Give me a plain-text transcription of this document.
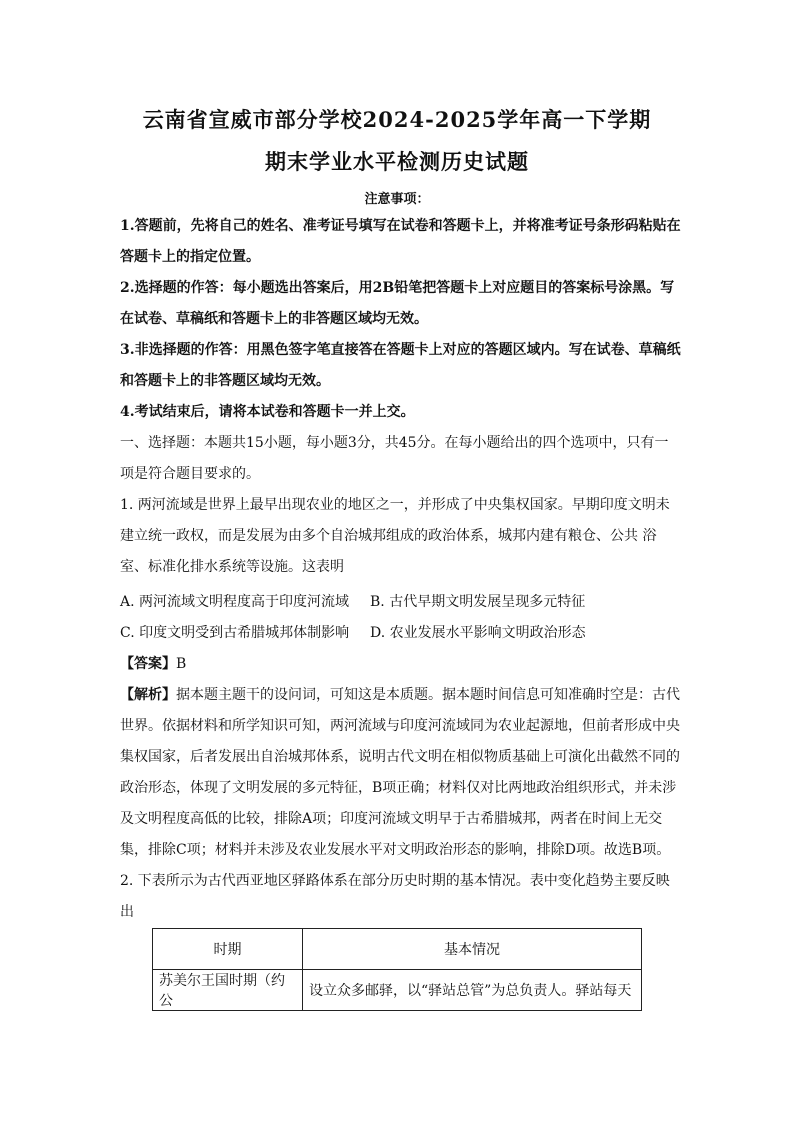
云南省宣威市部分学校2024-2025学年高一下学期
期末学业水平检测历史试题
注意事项：

1.答题前，先将自己的姓名、准考证号填写在试卷和答题卡上，并将准考证号条形码粘贴在答题卡上的指定位置。

2.选择题的作答：每小题选出答案后，用2B铅笔把答题卡上对应题目的答案标号涂黑。写在试卷、草稿纸和答题卡上的非答题区域均无效。

3.非选择题的作答：用黑色签字笔直接答在答题卡上对应的答题区域内。写在试卷、草稿纸和答题卡上的非答题区域均无效。

4.考试结束后，请将本试卷和答题卡一并上交。

一、选择题：本题共15小题，每小题3分，共45分。在每小题给出的四个选项中，只有一项是符合题目要求的。

1. 两河流域是世界上最早出现农业的地区之一，并形成了中央集权国家。早期印度文明未建立统一政权，而是发展为由多个自治城邦组成的政治体系，城邦内建有粮仓、公共 浴室、标准化排水系统等设施。这表明

A. 两河流域文明程度高于印度河流域 B. 古代早期文明发展呈现多元特征
C. 印度文明受到古希腊城邦体制影响 D. 农业发展水平影响文明政治形态
【答案】B

【解析】据本题主题干的设问词，可知这是本质题。据本题时间信息可知准确时空是：古代世界。依据材料和所学知识可知，两河流域与印度河流域同为农业起源地，但前者形成中央集权国家，后者发展出自治城邦体系，说明古代文明在相似物质基础上可演化出截然不同的政治形态，体现了文明发展的多元特征，B项正确；材料仅对比两地政治组织形式，并未涉及文明程度高低的比较，排除A项；印度河流域文明早于古希腊城邦，两者在时间上无交集，排除C项；材料并未涉及农业发展水平对文明政治形态的影响，排除D项。故选B项。

2. 下表所示为古代西亚地区驿路体系在部分历史时期的基本情况。表中变化趋势主要反映出

时期	基本情况
苏美尔王国时期（约公	设立众多邮驿，以“驿站总管”为总负责人。驿站每天
